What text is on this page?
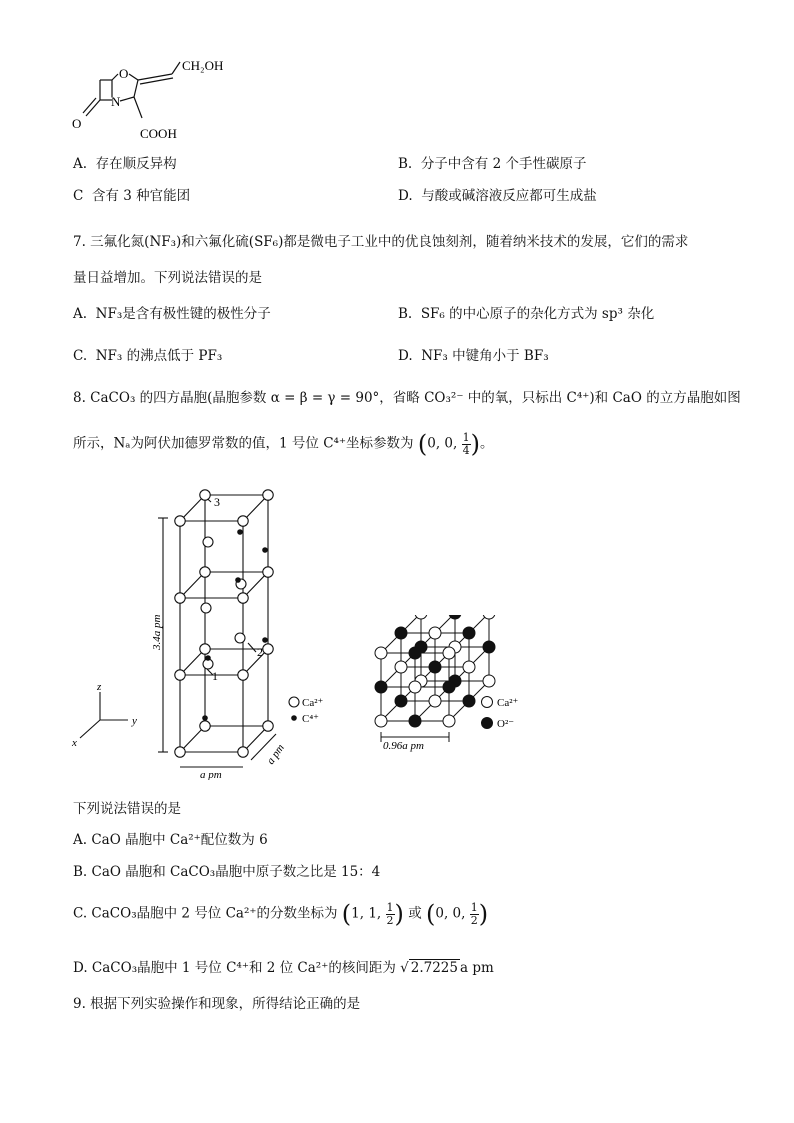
CH₂OH
O
N
O
COOH
A. 存在顺反异构	B. 分子中含有 2 个手性碳原子
C 含有 3 种官能团	D. 与酸或碱溶液反应都可生成盐
7. 三氟化氮(NF₃)和六氟化硫(SF₆)都是微电子工业中的优良蚀刻剂，随着纳米技术的发展，它们的需求
量日益增加。下列说法错误的是
A. NF₃是含有极性键的极性分子	B. SF₆ 的中心原子的杂化方式为 sp³ 杂化
C. NF₃ 的沸点低于 PF₃	D. NF₃ 中键角小于 BF₃
8. CaCO₃ 的四方晶胞(晶胞参数 α = β = γ = 90°，省略 CO₃²⁻ 中的氧，只标出 C⁴⁺)和 CaO 的立方晶胞如图
所示，Nₐ为阿伏加德罗常数的值，1 号位 C⁴⁺坐标参数为 (0, 0, $\frac{1}{4}$ )。
3.4a pm
a pm
a pm
z
y
x
3
2
1
Ca²⁺
C⁴⁺
0.96a pm
Ca²⁺
O²⁻
下列说法错误的是
A. CaO 晶胞中 Ca²⁺配位数为 6
B. CaO 晶胞和 CaCO₃晶胞中原子数之比是 15：4
C. CaCO₃晶胞中 2 号位 Ca²⁺的分数坐标为 (1, 1, $\frac{1}{2}$ ) 或 (0, 0, $\frac{1}{2}$ )
D. CaCO₃晶胞中 1 号位 C⁴⁺和 2 位 Ca²⁺的核间距为 √ 2.7225 a pm
9. 根据下列实验操作和现象，所得结论正确的是
